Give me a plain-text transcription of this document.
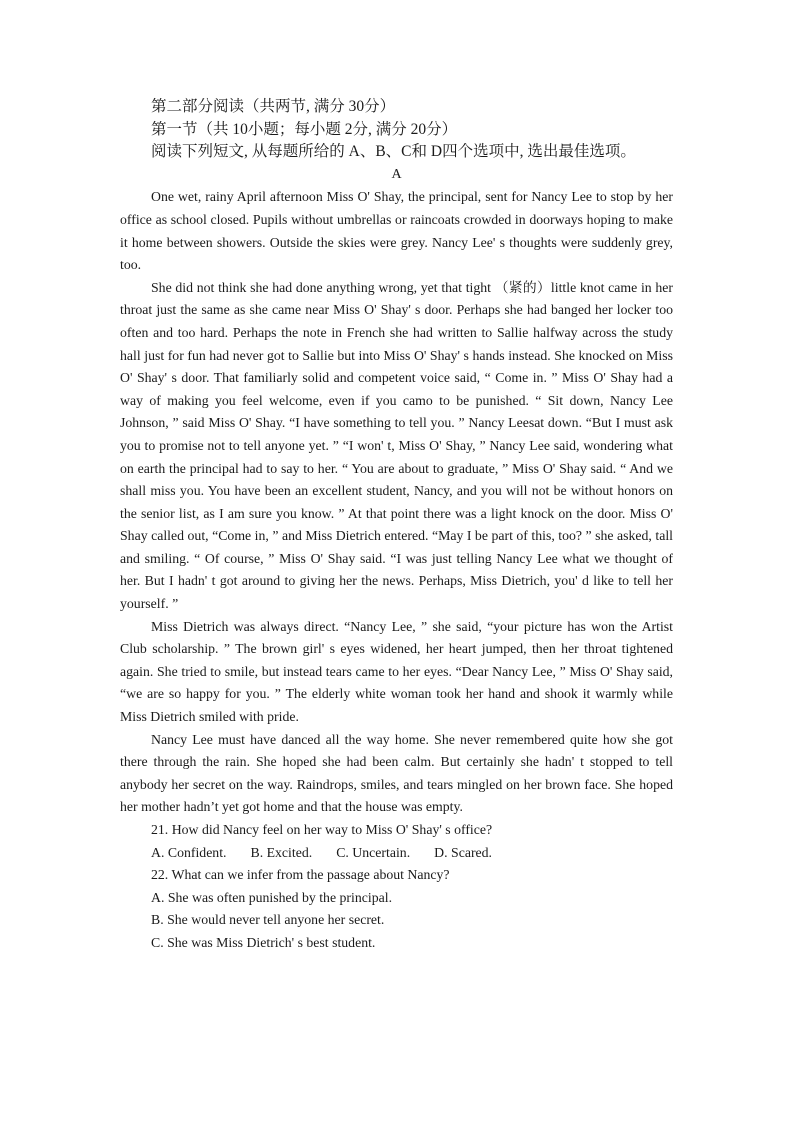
第二部分阅读（共两节, 满分 30分）
第一节（共 10小题；每小题 2分, 满分 20分）
阅读下列短文, 从每题所给的 A、B、C和 D四个选项中, 选出最佳选项。
A

One wet, rainy April afternoon Miss O' Shay, the principal, sent for Nancy Lee to stop by her office as school closed. Pupils without umbrellas or raincoats crowded in doorways hoping to make it home between showers. Outside the skies were grey. Nancy Lee' s thoughts were suddenly grey, too.

She did not think she had done anything wrong, yet that tight （紧的）little knot came in her throat just the same as she came near Miss O' Shay' s door. Perhaps she had banged her locker too often and too hard. Perhaps the note in French she had written to Sallie halfway across the study hall just for fun had never got to Sallie but into Miss O' Shay' s hands instead. She knocked on Miss O' Shay' s door. That familiarly solid and competent voice said, “ Come in. ” Miss O' Shay had a way of making you feel welcome, even if you camo to be punished. “ Sit down, Nancy Lee Johnson, ” said Miss O' Shay. “I have something to tell you. ” Nancy Leesat down. “But I must ask you to promise not to tell anyone yet. ” “I won' t, Miss O' Shay, ” Nancy Lee said, wondering what on earth the principal had to say to her. “ You are about to graduate, ” Miss O' Shay said. “ And we shall miss you. You have been an excellent student, Nancy, and you will not be without honors on the senior list, as I am sure you know. ” At that point there was a light knock on the door. Miss O' Shay called out, “Come in, ” and Miss Dietrich entered. “May I be part of this, too? ” she asked, tall and smiling. “ Of course, ” Miss O' Shay said. “I was just telling Nancy Lee what we thought of her. But I hadn' t got around to giving her the news. Perhaps, Miss Dietrich, you' d like to tell her yourself. ”

Miss Dietrich was always direct. “Nancy Lee, ” she said, “your picture has won the Artist Club scholarship. ” The brown girl' s eyes widened, her heart jumped, then her throat tightened again. She tried to smile, but instead tears came to her eyes. “Dear Nancy Lee, ” Miss O' Shay said, “we are so happy for you. ” The elderly white woman took her hand and shook it warmly while Miss Dietrich smiled with pride.

Nancy Lee must have danced all the way home. She never remembered quite how she got there through the rain. She hoped she had been calm. But certainly she hadn' t stopped to tell anybody her secret on the way. Raindrops, smiles, and tears mingled on her brown face. She hoped her mother hadn’t yet got home and that the house was empty.

21. How did Nancy feel on her way to Miss O' Shay' s office?

A. Confident. B. Excited. C. Uncertain. D. Scared.

22. What can we infer from the passage about Nancy?

A. She was often punished by the principal.

B. She would never tell anyone her secret.

C. She was Miss Dietrich' s best student.
